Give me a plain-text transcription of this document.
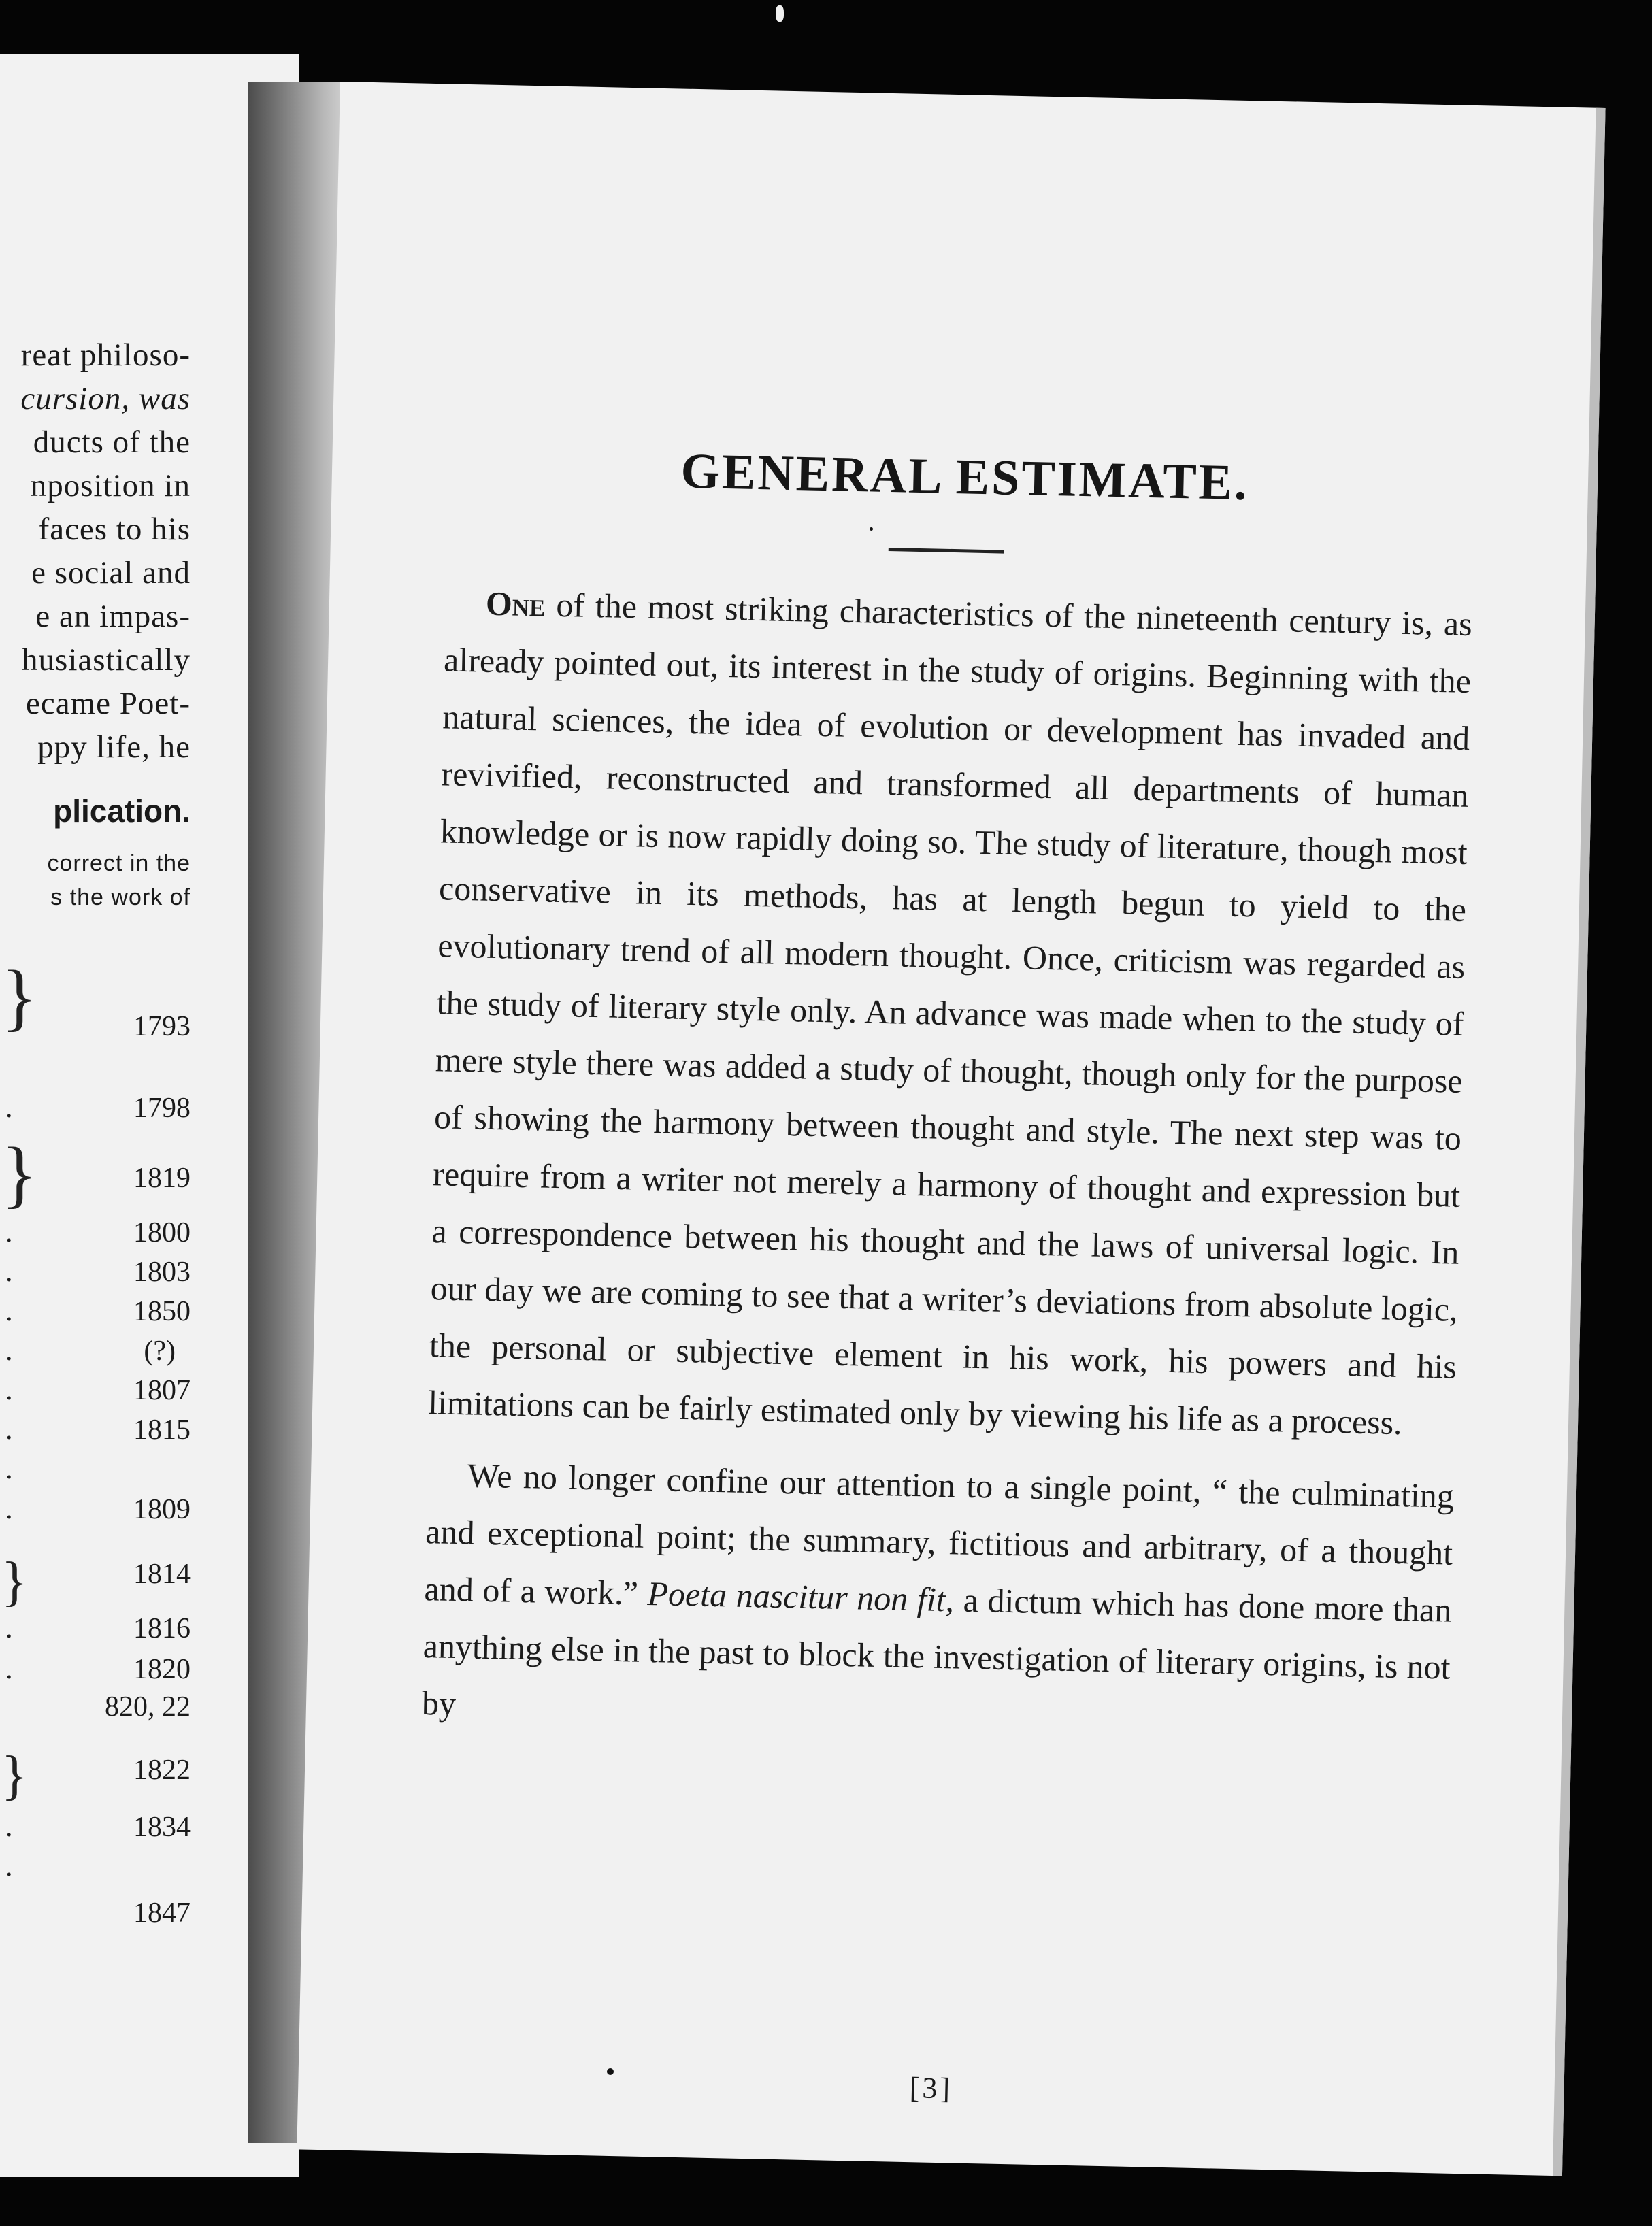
reat philoso-
cursion, was
ducts of the
nposition in
faces to his
e social and
e an impas-
husiastically
ecame Poet-
ppy life, he
plication.
correct in the
s the work of
1793
1798
1819
1800
1803
1850
(?)
1807
1815
1809
1814
1816
1820
820, 22
1822
1834
1847
}
}
}
}
.
.
.
.
.
.
.
.
.
.
.
.
.
GENERAL ESTIMATE.

One of the most striking characteristics of the nineteenth century is, as already pointed out, its interest in the study of origins. Beginning with the natural sciences, the idea of evolution or development has invaded and revivified, reconstructed and transformed all departments of human knowledge or is now rapidly doing so. The study of literature, though most conservative in its methods, has at length begun to yield to the evolutionary trend of all modern thought. Once, criticism was regarded as the study of literary style only. An advance was made when to the study of mere style there was added a study of thought, though only for the purpose of showing the harmony between thought and style. The next step was to require from a writer not merely a harmony of thought and expression but a correspondence between his thought and the laws of universal logic. In our day we are coming to see that a writer’s deviations from absolute logic, the personal or subjective element in his work, his powers and his limitations can be fairly estimated only by viewing his life as a process.

We no longer confine our attention to a single point, “ the culminating and exceptional point; the summary, fictitious and arbitrary, of a thought and of a work.” Poeta nascitur non fit, a dictum which has done more than anything else in the past to block the investigation of literary origins, is not by

[3]
